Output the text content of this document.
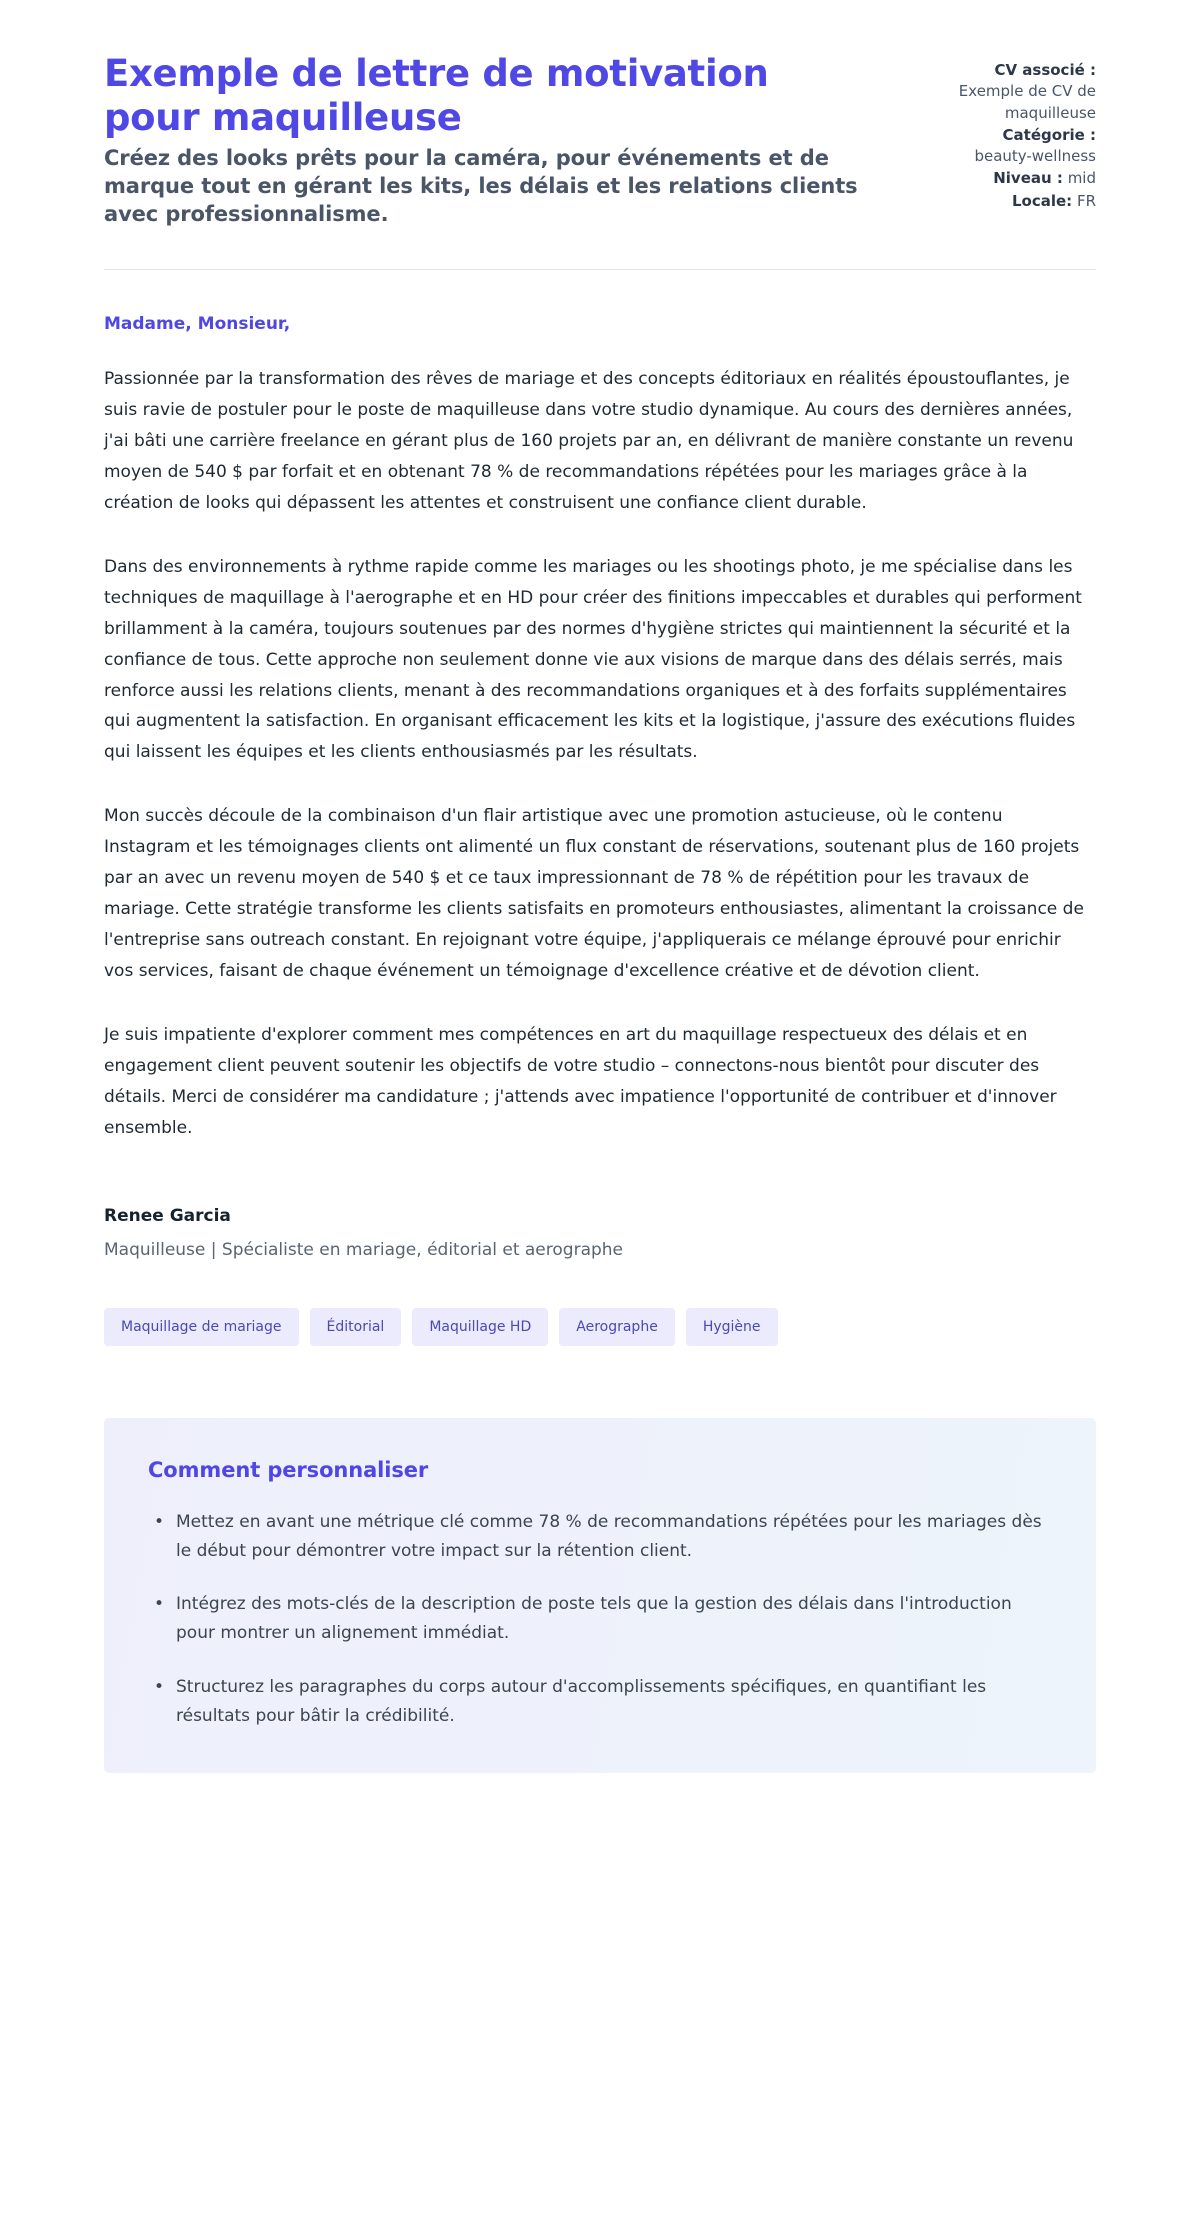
Exemple de lettre de motivation pour maquilleuse

Créez des looks prêts pour la caméra, pour événements et de marque tout en gérant les kits, les délais et les relations clients avec professionnalisme.

CV associé :
Exemple de CV de maquilleuse
Catégorie :
beauty-wellness
Niveau : mid
Locale: FR

Madame, Monsieur,

Passionnée par la transformation des rêves de mariage et des concepts éditoriaux en réalités époustouflantes, je suis ravie de postuler pour le poste de maquilleuse dans votre studio dynamique. Au cours des dernières années, j'ai bâti une carrière freelance en gérant plus de 160 projets par an, en délivrant de manière constante un revenu moyen de 540 $ par forfait et en obtenant 78 % de recommandations répétées pour les mariages grâce à la création de looks qui dépassent les attentes et construisent une confiance client durable.

Dans des environnements à rythme rapide comme les mariages ou les shootings photo, je me spécialise dans les techniques de maquillage à l'aerographe et en HD pour créer des finitions impeccables et durables qui performent brillamment à la caméra, toujours soutenues par des normes d'hygiène strictes qui maintiennent la sécurité et la confiance de tous. Cette approche non seulement donne vie aux visions de marque dans des délais serrés, mais renforce aussi les relations clients, menant à des recommandations organiques et à des forfaits supplémentaires qui augmentent la satisfaction. En organisant efficacement les kits et la logistique, j'assure des exécutions fluides qui laissent les équipes et les clients enthousiasmés par les résultats.

Mon succès découle de la combinaison d'un flair artistique avec une promotion astucieuse, où le contenu Instagram et les témoignages clients ont alimenté un flux constant de réservations, soutenant plus de 160 projets par an avec un revenu moyen de 540 $ et ce taux impressionnant de 78 % de répétition pour les travaux de mariage. Cette stratégie transforme les clients satisfaits en promoteurs enthousiastes, alimentant la croissance de l'entreprise sans outreach constant. En rejoignant votre équipe, j'appliquerais ce mélange éprouvé pour enrichir vos services, faisant de chaque événement un témoignage d'excellence créative et de dévotion client.

Je suis impatiente d'explorer comment mes compétences en art du maquillage respectueux des délais et en engagement client peuvent soutenir les objectifs de votre studio – connectons-nous bientôt pour discuter des détails. Merci de considérer ma candidature ; j'attends avec impatience l'opportunité de contribuer et d'innover ensemble.

Renee Garcia

Maquilleuse | Spécialiste en mariage, éditorial et aerographe

Maquillage de mariage	Éditorial	Maquillage HD	Aerographe	Hygiène
Comment personnaliser
• Mettez en avant une métrique clé comme 78 % de recommandations répétées pour les mariages dès le début pour démontrer votre impact sur la rétention client.
• Intégrez des mots-clés de la description de poste tels que la gestion des délais dans l'introduction pour montrer un alignement immédiat.
• Structurez les paragraphes du corps autour d'accomplissements spécifiques, en quantifiant les résultats pour bâtir la crédibilité.
